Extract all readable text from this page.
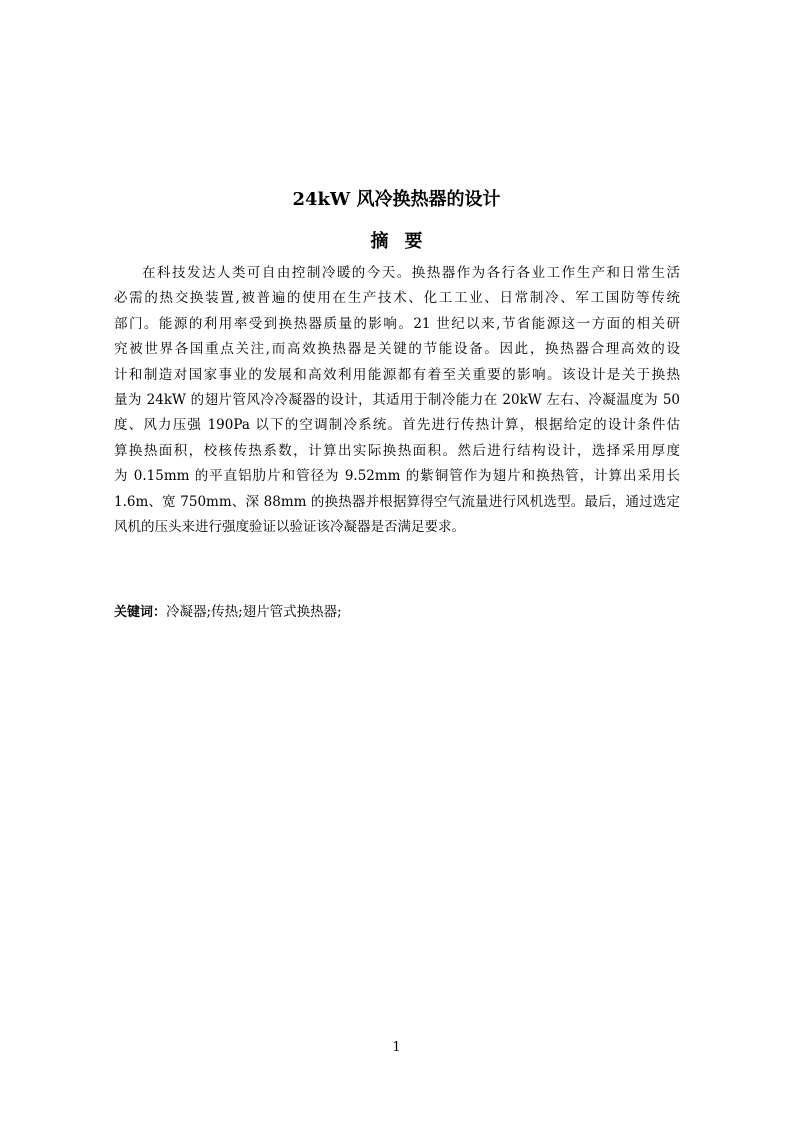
24kW 风冷换热器的设计
摘要
在科技发达人类可自由控制冷暖的今天。换热器作为各行各业工作生产和日常生活
必需的热交换装置,被普遍的使用在生产技术、化工工业、日常制冷、军工国防等传统
部门。能源的利用率受到换热器质量的影响。21 世纪以来,节省能源这一方面的相关研
究被世界各国重点关注,而高效换热器是关键的节能设备。因此，换热器合理高效的设
计和制造对国家事业的发展和高效利用能源都有着至关重要的影响。该设计是关于换热
量为 24kW 的翅片管风冷冷凝器的设计，其适用于制冷能力在 20kW 左右、冷凝温度为 50
度、风力压强 190Pa 以下的空调制冷系统。首先进行传热计算，根据给定的设计条件估
算换热面积，校核传热系数，计算出实际换热面积。然后进行结构设计，选择采用厚度
为 0.15mm 的平直铝肋片和管径为 9.52mm 的紫铜管作为翅片和换热管，计算出采用长
1.6m、宽 750mm、深 88mm 的换热器并根据算得空气流量进行风机选型。最后，通过选定
风机的压头来进行强度验证以验证该冷凝器是否满足要求。
关键词：冷凝器;传热;翅片管式换热器;
1
